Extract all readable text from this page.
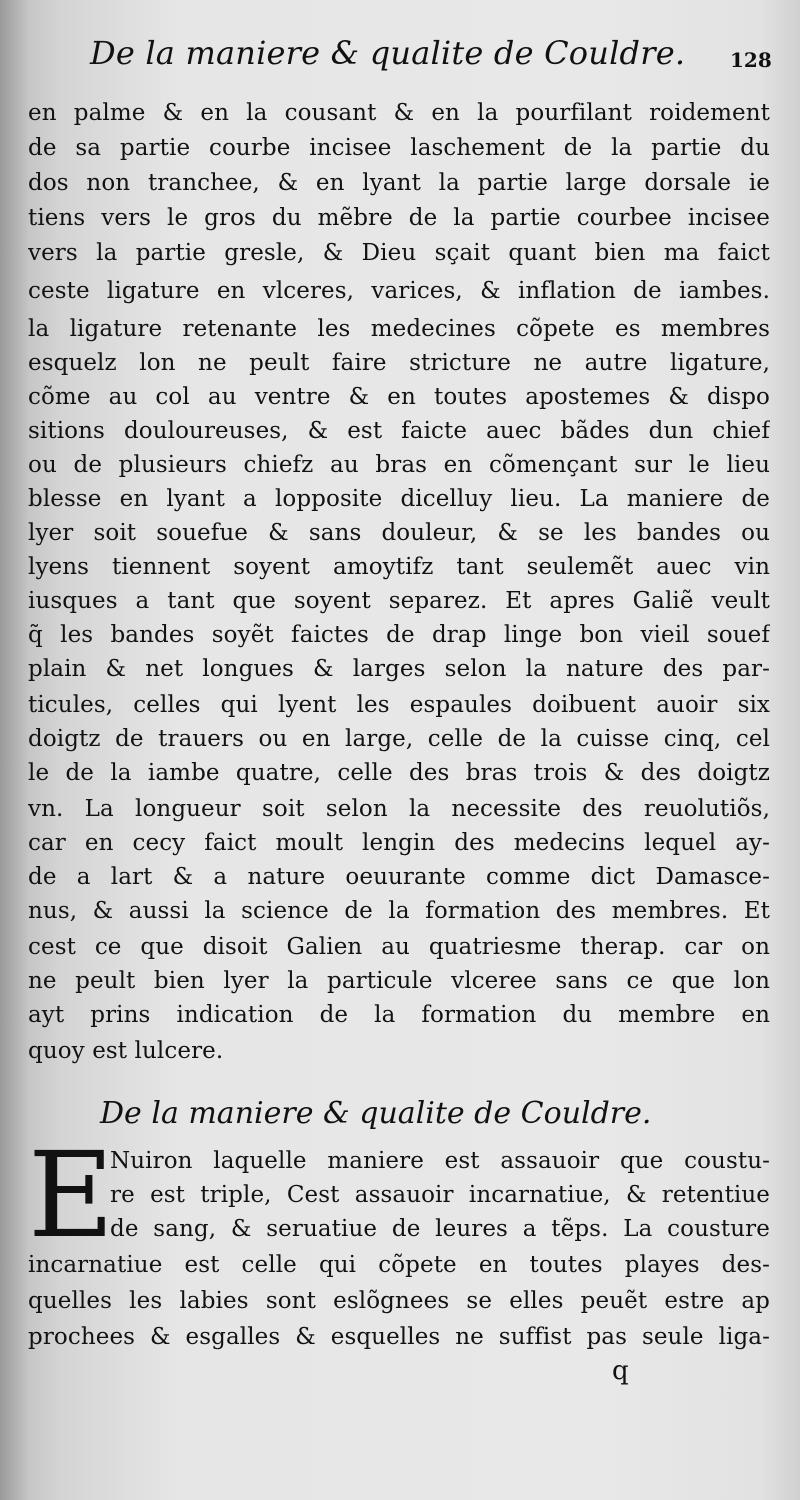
De la maniere & qualite de Couldre. 128
en palme & en la cousant & en la pourfilant roidement
de sa partie courbe incisee laschement de la partie du
dos non tranchee, & en lyant la partie large dorsale ie
tiens vers le gros du mẽbre de la partie courbee incisee
vers la partie gresle, & Dieu sçait quant bien ma faict
ceste ligature en vlceres, varices, & inflation de iambes.
la ligature retenante les medecines cõpete es membres
esquelz lon ne peult faire stricture ne autre ligature,
cõme au col au ventre & en toutes apostemes & dispo
sitions douloureuses, & est faicte auec bãdes dun chief
ou de plusieurs chiefz au bras en cõmençant sur le lieu
blesse en lyant a lopposite dicelluy lieu. La maniere de
lyer soit souefue & sans douleur, & se les bandes ou
lyens tiennent soyent amoytifz tant seulemẽt auec vin
iusques a tant que soyent separez. Et apres Galiẽ veult
q̃ les bandes soyẽt faictes de drap linge bon vieil souef
plain & net longues & larges selon la nature des par-
ticules, celles qui lyent les espaules doibuent auoir six
doigtz de trauers ou en large, celle de la cuisse cinq, cel
le de la iambe quatre, celle des bras trois & des doigtz
vn. La longueur soit selon la necessite des reuolutiõs,
car en cecy faict moult lengin des medecins lequel ay-
de a lart & a nature oeuurante comme dict Damasce-
nus, & aussi la science de la formation des membres. Et
cest ce que disoit Galien au quatriesme therap. car on
ne peult bien lyer la particule vlceree sans ce que lon
ayt prins indication de la formation du membre en
quoy est lulcere.
De la maniere & qualite de Couldre.
E
Nuiron laquelle maniere est assauoir que coustu-
re est triple, Cest assauoir incarnatiue, & retentiue
de sang, & seruatiue de leures a tẽps. La cousture
incarnatiue est celle qui cõpete en toutes playes des-
quelles les labies sont eslõgnees se elles peuẽt estre ap
prochees & esgalles & esquelles ne suffist pas seule liga-
q
